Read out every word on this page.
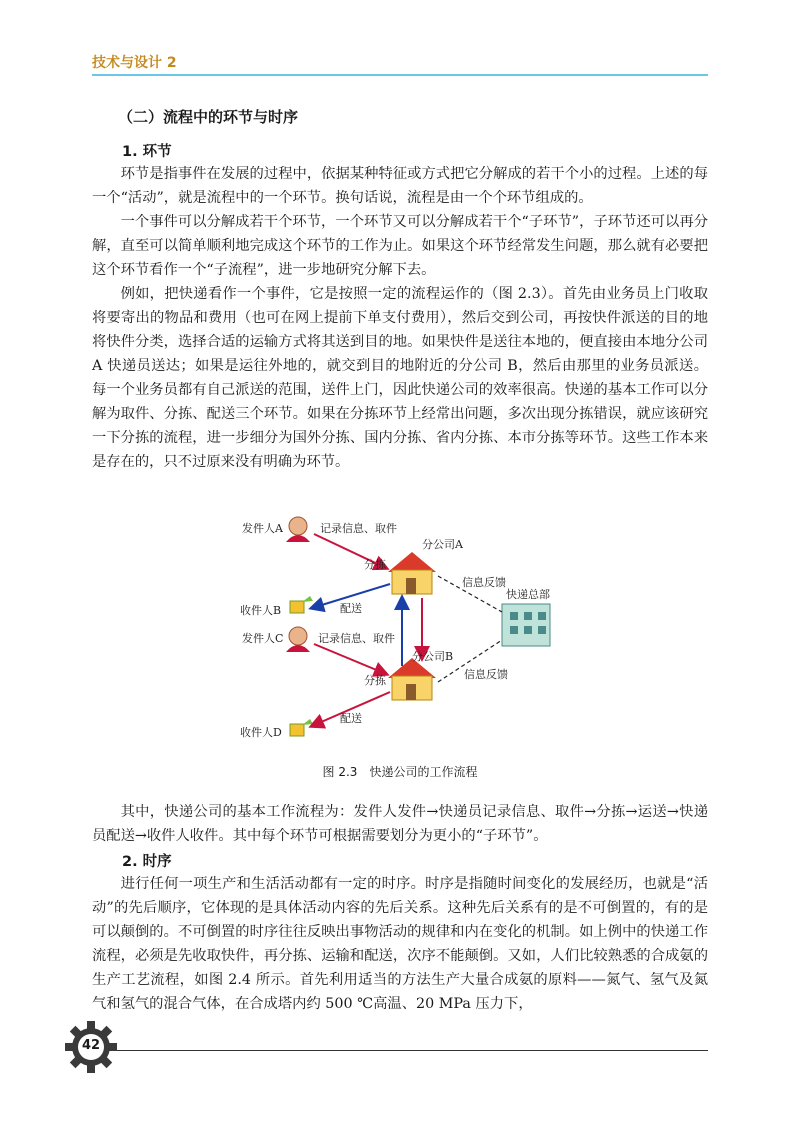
技术与设计 2
（二）流程中的环节与时序
1. 环节

环节是指事件在发展的过程中，依据某种特征或方式把它分解成的若干个小的过程。上述的每一个“活动”，就是流程中的一个环节。换句话说，流程是由一个个环节组成的。

一个事件可以分解成若干个环节，一个环节又可以分解成若干个“子环节”，子环节还可以再分解，直至可以简单顺利地完成这个环节的工作为止。如果这个环节经常发生问题，那么就有必要把这个环节看作一个“子流程”，进一步地研究分解下去。

例如，把快递看作一个事件，它是按照一定的流程运作的（图 2.3）。首先由业务员上门收取将要寄出的物品和费用（也可在网上提前下单支付费用），然后交到公司，再按快件派送的目的地将快件分类，选择合适的运输方式将其送到目的地。如果快件是送往本地的，便直接由本地分公司 A 快递员送达；如果是运往外地的，就交到目的地附近的分公司 B，然后由那里的业务员派送。每一个业务员都有自己派送的范围，送件上门，因此快递公司的效率很高。快递的基本工作可以分解为取件、分拣、配送三个环节。如果在分拣环节上经常出问题，多次出现分拣错误，就应该研究一下分拣的流程，进一步细分为国外分拣、国内分拣、省内分拣、本市分拣等环节。这些工作本来是存在的，只不过原来没有明确为环节。

发件人A	记录信息、取件
分公司A
分拣
信息反馈
快递总部
收件人B	配送
发件人C	记录信息、取件
分公司B
分拣	信息反馈
配送
收件人D
图 2.3　快递公司的工作流程

其中，快递公司的基本工作流程为：发件人发件→快递员记录信息、取件→分拣→运送→快递员配送→收件人收件。其中每个环节可根据需要划分为更小的“子环节”。

2. 时序

进行任何一项生产和生活活动都有一定的时序。时序是指随时间变化的发展经历，也就是“活动”的先后顺序，它体现的是具体活动内容的先后关系。这种先后关系有的是不可倒置的，有的是可以颠倒的。不可倒置的时序往往反映出事物活动的规律和内在变化的机制。如上例中的快递工作流程，必须是先收取快件，再分拣、运输和配送，次序不能颠倒。又如，人们比较熟悉的合成氨的生产工艺流程，如图 2.4 所示。首先利用适当的方法生产大量合成氨的原料——氮气、氢气及氮气和氢气的混合气体，在合成塔内约 500 ℃高温、20 MPa 压力下，

42
